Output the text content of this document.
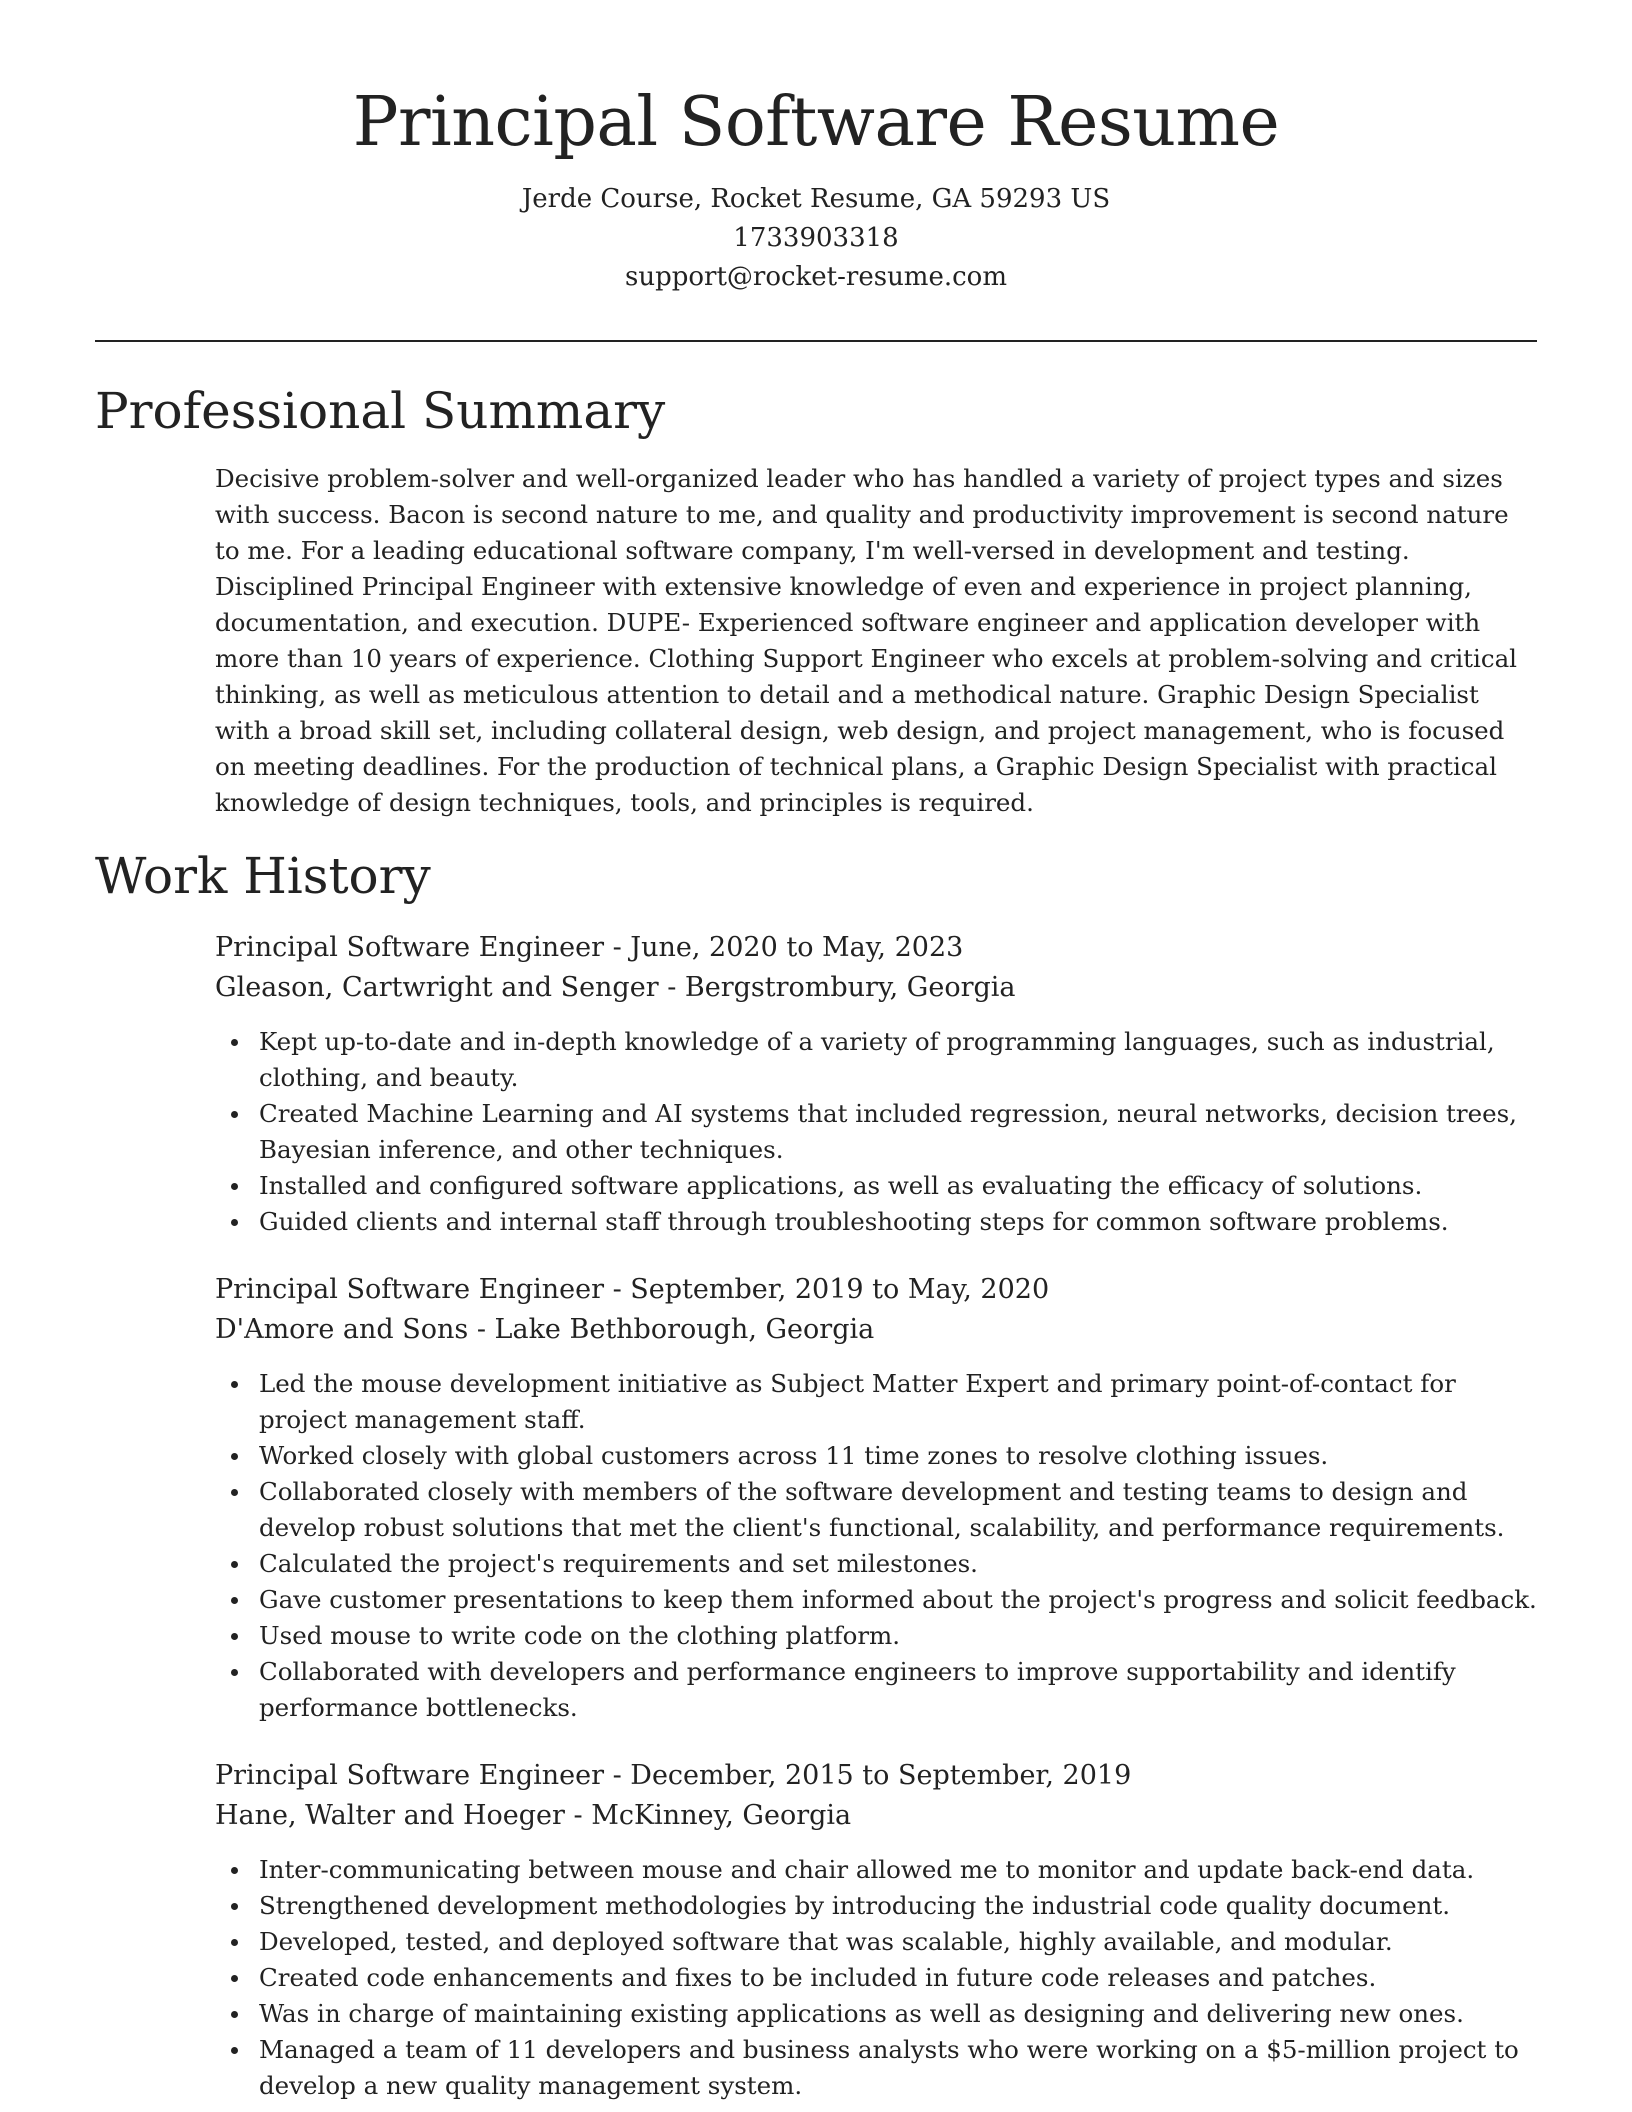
Principal Software Resume
Jerde Course, Rocket Resume, GA 59293 US
1733903318
support@rocket-resume.com
Professional Summary

Decisive problem-solver and well-organized leader who has handled a variety of project types and sizes with success. Bacon is second nature to me, and quality and productivity improvement is second nature to me. For a leading educational software company, I'm well-versed in development and testing. Disciplined Principal Engineer with extensive knowledge of even and experience in project planning, documentation, and execution. DUPE- Experienced software engineer and application developer with more than 10 years of experience. Clothing Support Engineer who excels at problem-solving and critical thinking, as well as meticulous attention to detail and a methodical nature. Graphic Design Specialist with a broad skill set, including collateral design, web design, and project management, who is focused on meeting deadlines. For the production of technical plans, a Graphic Design Specialist with practical knowledge of design techniques, tools, and principles is required.

Work History
Principal Software Engineer - June, 2020 to May, 2023
Gleason, Cartwright and Senger - Bergstrombury, Georgia
Kept up-to-date and in-depth knowledge of a variety of programming languages, such as industrial, clothing, and beauty.
Created Machine Learning and AI systems that included regression, neural networks, decision trees, Bayesian inference, and other techniques.
Installed and configured software applications, as well as evaluating the efficacy of solutions.
Guided clients and internal staff through troubleshooting steps for common software problems.
Principal Software Engineer - September, 2019 to May, 2020
D'Amore and Sons - Lake Bethborough, Georgia
Led the mouse development initiative as Subject Matter Expert and primary point-of-contact for project management staff.
Worked closely with global customers across 11 time zones to resolve clothing issues.
Collaborated closely with members of the software development and testing teams to design and develop robust solutions that met the client's functional, scalability, and performance requirements.
Calculated the project's requirements and set milestones.
Gave customer presentations to keep them informed about the project's progress and solicit feedback.
Used mouse to write code on the clothing platform.
Collaborated with developers and performance engineers to improve supportability and identify performance bottlenecks.
Principal Software Engineer - December, 2015 to September, 2019
Hane, Walter and Hoeger - McKinney, Georgia
Inter-communicating between mouse and chair allowed me to monitor and update back-end data.
Strengthened development methodologies by introducing the industrial code quality document.
Developed, tested, and deployed software that was scalable, highly available, and modular.
Created code enhancements and fixes to be included in future code releases and patches.
Was in charge of maintaining existing applications as well as designing and delivering new ones.
Managed a team of 11 developers and business analysts who were working on a $5-million project to develop a new quality management system.
